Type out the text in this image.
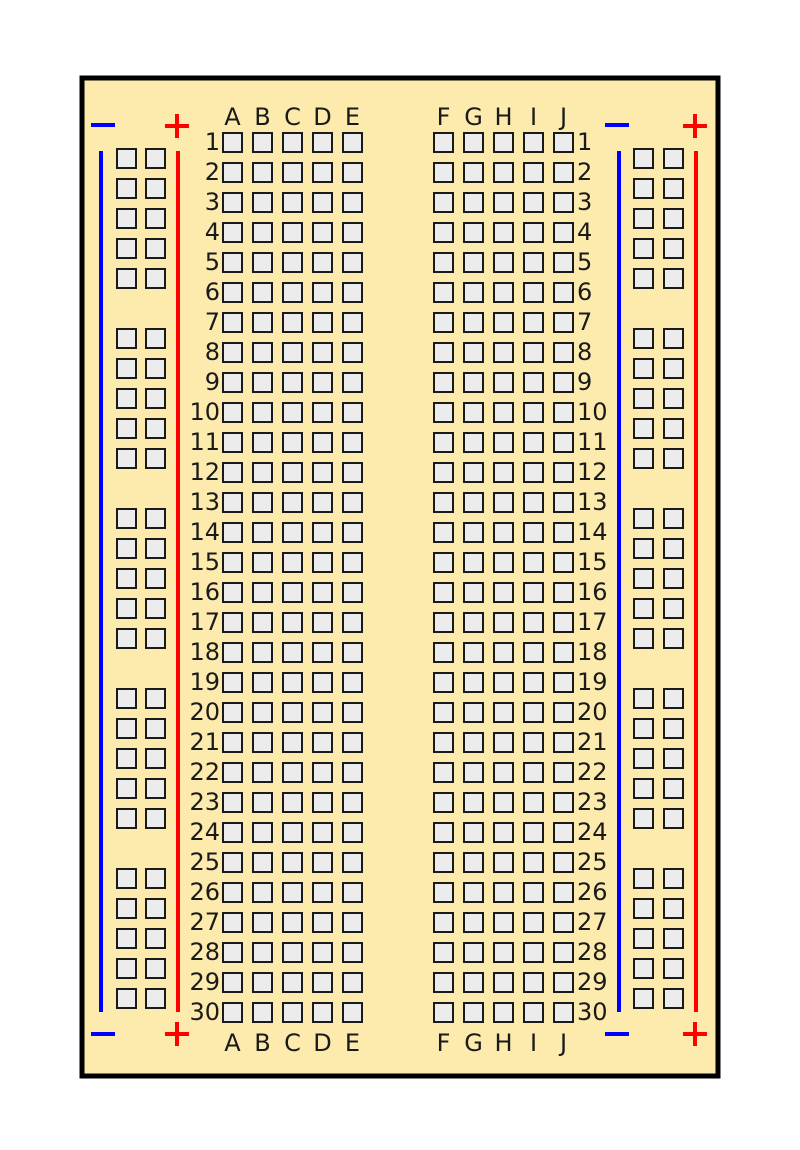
A B C D E	F G H I J
A B C D E	F G H I J
1	1
2	2
3	3
4	4
5	5
6	6
7	7
8	8
9	9
10	10
11	11
12	12
13	13
14	14
15	15
16	16
17	17
18	18
19	19
20	20
21	21
22	22
23	23
24	24
25	25
26	26
27	27
28	28
29	29
30	30
